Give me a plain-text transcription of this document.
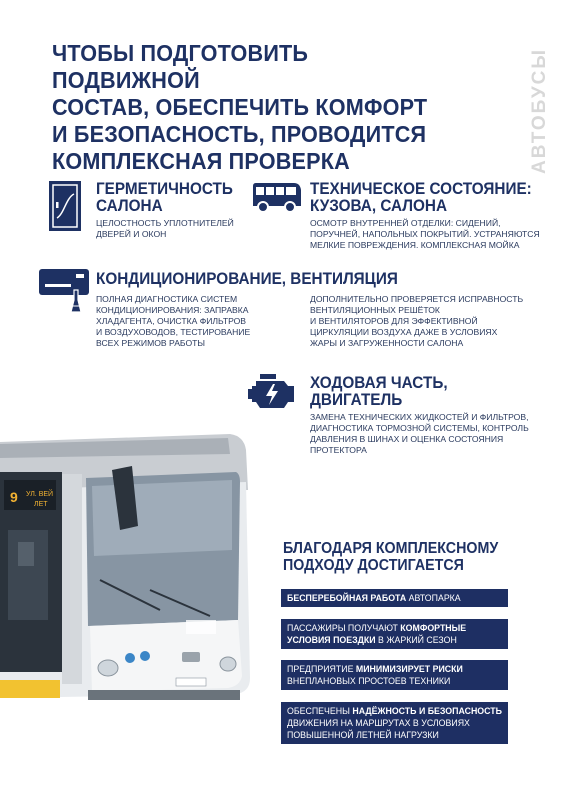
ЧТОБЫ ПОДГОТОВИТЬ ПОДВИЖНОЙ
СОСТАВ, ОБЕСПЕЧИТЬ КОМФОРТ
И БЕЗОПАСНОСТЬ, ПРОВОДИТСЯ
КОМПЛЕКСНАЯ ПРОВЕРКА	АВТОБУСЫ
ГЕРМЕТИЧНОСТЬ
САЛОНА
ЦЕЛОСТНОСТЬ УПЛОТНИТЕЛЕЙ
ДВЕРЕЙ И ОКОН
ТЕХНИЧЕСКОЕ СОСТОЯНИЕ:
КУЗОВА, САЛОНА
ОСМОТР ВНУТРЕННЕЙ ОТДЕЛКИ: СИДЕНИЙ,
ПОРУЧНЕЙ, НАПОЛЬНЫХ ПОКРЫТИЙ. УСТРАНЯЮТСЯ
МЕЛКИЕ ПОВРЕЖДЕНИЯ. КОМПЛЕКСНАЯ МОЙКА
КОНДИЦИОНИРОВАНИЕ, ВЕНТИЛЯЦИЯ
ПОЛНАЯ ДИАГНОСТИКА СИСТЕМ
КОНДИЦИОНИРОВАНИЯ: ЗАПРАВКА
ХЛАДАГЕНТА, ОЧИСТКА ФИЛЬТРОВ
И ВОЗДУХОВОДОВ, ТЕСТИРОВАНИЕ
ВСЕХ РЕЖИМОВ РАБОТЫ
ДОПОЛНИТЕЛЬНО ПРОВЕРЯЕТСЯ ИСПРАВНОСТЬ
ВЕНТИЛЯЦИОННЫХ РЕШЁТОК
И ВЕНТИЛЯТОРОВ ДЛЯ ЭФФЕКТИВНОЙ
ЦИРКУЛЯЦИИ ВОЗДУХА ДАЖЕ В УСЛОВИЯХ
ЖАРЫ И ЗАГРУЖЕННОСТИ САЛОНА
ХОДОВАЯ ЧАСТЬ,
ДВИГАТЕЛЬ
ЗАМЕНА ТЕХНИЧЕСКИХ ЖИДКОСТЕЙ И ФИЛЬТРОВ,
ДИАГНОСТИКА ТОРМОЗНОЙ СИСТЕМЫ, КОНТРОЛЬ
ДАВЛЕНИЯ В ШИНАХ И ОЦЕНКА СОСТОЯНИЯ
ПРОТЕКТОРА
9 УЛ. ВЕЙ
ЛЕТ
БЛАГОДАРЯ КОМПЛЕКСНОМУ
ПОДХОДУ ДОСТИГАЕТСЯ
БЕСПЕРЕБОЙНАЯ РАБОТА АВТОПАРКА
ПАССАЖИРЫ ПОЛУЧАЮТ КОМФОРТНЫЕ
УСЛОВИЯ ПОЕЗДКИ В ЖАРКИЙ СЕЗОН
ПРЕДПРИЯТИЕ МИНИМИЗИРУЕТ РИСКИ
ВНЕПЛАНОВЫХ ПРОСТОЕВ ТЕХНИКИ
ОБЕСПЕЧЕНЫ НАДЁЖНОСТЬ И БЕЗОПАСНОСТЬ
ДВИЖЕНИЯ НА МАРШРУТАХ В УСЛОВИЯХ
ПОВЫШЕННОЙ ЛЕТНЕЙ НАГРУЗКИ
